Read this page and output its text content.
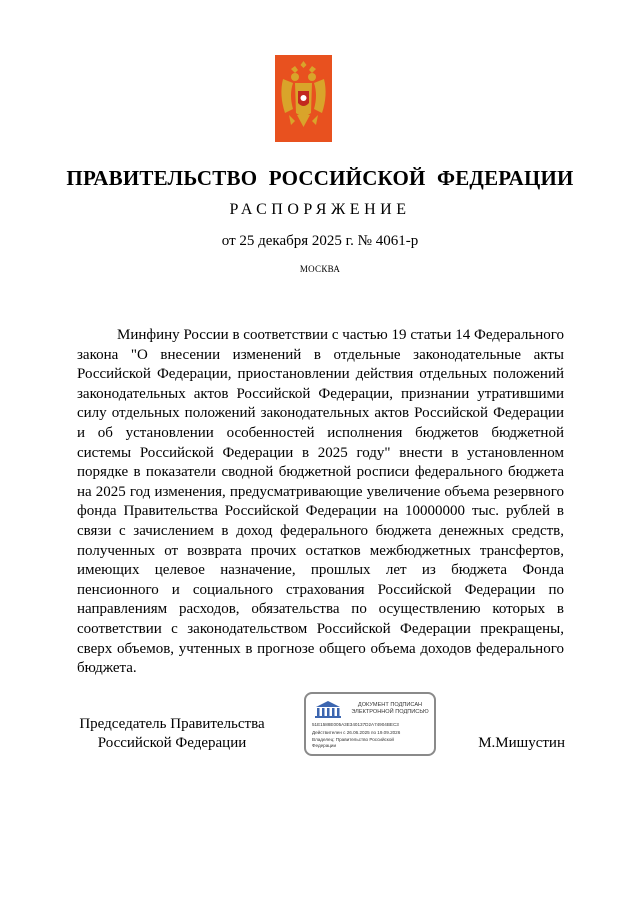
ПРАВИТЕЛЬСТВО РОССИЙСКОЙ ФЕДЕРАЦИИ
РАСПОРЯЖЕНИЕ
от 25 декабря 2025 г. № 4061-р
МОСКВА

Минфину России в соответствии с частью 19 статьи 14 Федерального закона "О внесении изменений в отдельные законодательные акты Российской Федерации, приостановлении действия отдельных положений законодательных актов Российской Федерации, признании утратившими силу отдельных положений законодательных актов Российской Федерации и об установлении особенностей исполнения бюджетов бюджетной системы Российской Федерации в 2025 году" внести в установленном порядке в показатели сводной бюджетной росписи федерального бюджета на 2025 год изменения, предусматривающие увеличение объема резервного фонда Правительства Российской Федерации на 10000000 тыс. рублей в связи с зачислением в доход федерального бюджета денежных средств, полученных от возврата прочих остатков межбюджетных трансфертов, имеющих целевое назначение, прошлых лет из бюджета Фонда пенсионного и социального страхования Российской Федерации по направлениям расходов, обязательства по осуществлению которых в соответствии с законодательством Российской Федерации прекращены, сверх объемов, учтенных в прогнозе общего объема доходов федерального бюджета.

Председатель Правительства
Российской Федерации
ДОКУМЕНТ ПОДПИСАН
ЭЛЕКТРОННОЙ ПОДПИСЬЮ
51E1588E005A3E340137D2A74904BEC3
Действителен с 26.06.2025 по 19.09.2026
Владелец: Правительство Российской
Федерации	М.Мишустин
